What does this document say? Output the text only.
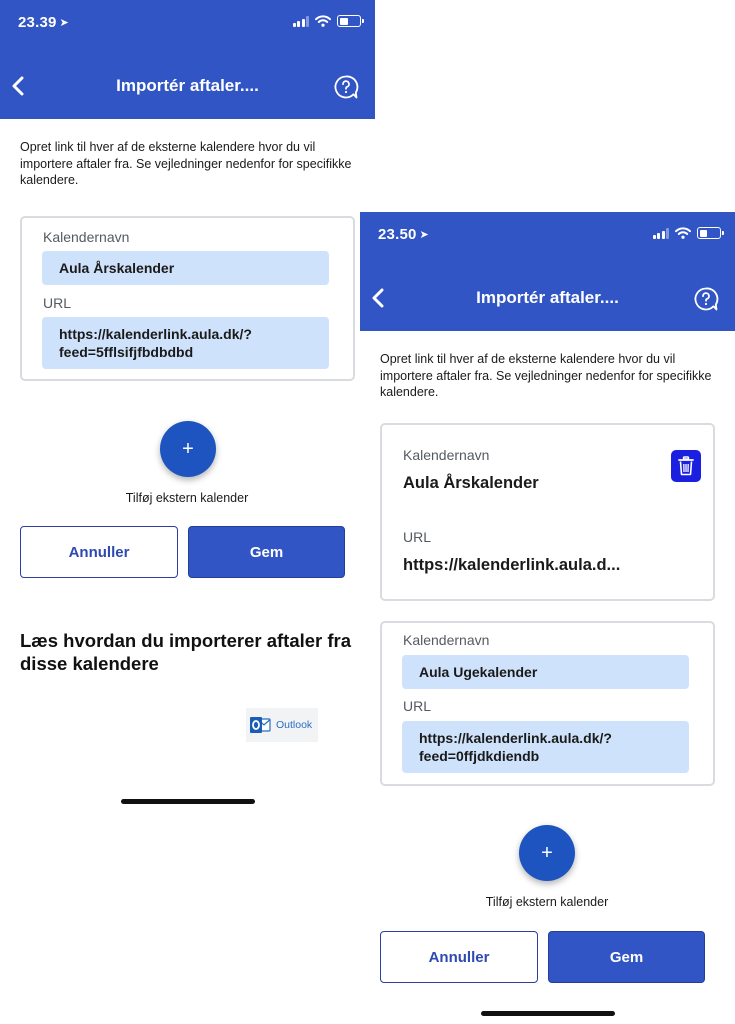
23.39 ➤
Importér aftaler....

Opret link til hver af de eksterne kalendere hvor du vil importere aftaler fra. Se vejledninger nedenfor for specifikke kalendere.

Kalendernavn
Aula Årskalender
URL
https://kalenderlink.aula.dk/?feed=5fflsifjfbdbdbd
+
Tilføj ekstern kalender
Annuller	Gem
Læs hvordan du importerer aftaler fra disse kalendere
Outlook
23.50 ➤
Importér aftaler....

Opret link til hver af de eksterne kalendere hvor du vil importere aftaler fra. Se vejledninger nedenfor for specifikke kalendere.

Kalendernavn
Aula Årskalender
URL
https://kalenderlink.aula.d...
Kalendernavn
Aula Ugekalender
URL
https://kalenderlink.aula.dk/?feed=0ffjdkdiendb
+
Tilføj ekstern kalender
Annuller	Gem
